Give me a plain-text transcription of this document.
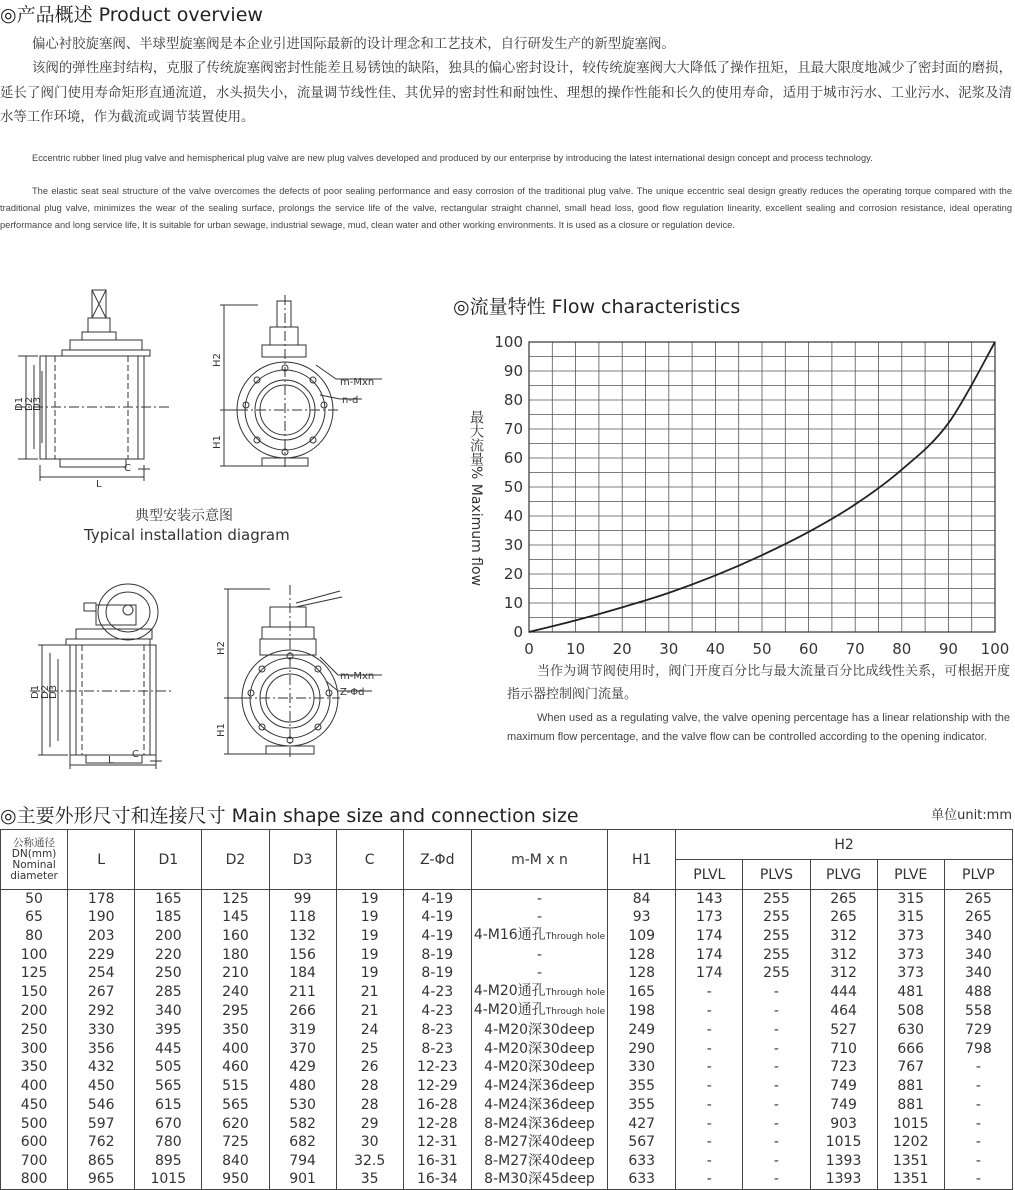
◎产品概述 Product overview

偏心衬胶旋塞阀、半球型旋塞阀是本企业引进国际最新的设计理念和工艺技术，自行研发生产的新型旋塞阀。

该阀的弹性座封结构，克服了传统旋塞阀密封性能差且易锈蚀的缺陷，独具的偏心密封设计，较传统旋塞阀大大降低了操作扭矩，且最大限度地减少了密封面的磨损，延长了阀门使用寿命矩形直通流道，水头损失小，流量调节线性佳、其优异的密封性和耐蚀性、理想的操作性能和长久的使用寿命，适用于城市污水、工业污水、泥浆及清水等工作环境，作为截流或调节装置使用。

Eccentric rubber lined plug valve and hemispherical plug valve are new plug valves developed and produced by our enterprise by introducing the latest international design concept and process technology.

The elastic seat seal structure of the valve overcomes the defects of poor sealing performance and easy corrosion of the traditional plug valve. The unique eccentric seal design greatly reduces the operating torque compared with the traditional plug valve, minimizes the wear of the sealing surface, prolongs the service life of the valve, rectangular straight channel, small head loss, good flow regulation linearity, excellent sealing and corrosion resistance, ideal operating performance and long service life, It is suitable for urban sewage, industrial sewage, mud, clean water and other working environments. It is used as a closure or regulation device.

D1 D2
D3
L
C
H2
H1
m-Mxn
n-d
D1 D2
D3
L
C
H2
H1
m-Mxn
Z-Φd
典型安装示意图
Typical installation diagram
◎流量特性 Flow characteristics
0
10
20
30
40
50
60
70
80
90
100
0 10 20 30 40 50 60 70 80 90 100
最大流量% Maximum flow

当作为调节阀使用时，阀门开度百分比与最大流量百分比成线性关系，可根据开度指示器控制阀门流量。

When used as a regulating valve, the valve opening percentage has a linear relationship with the maximum flow percentage, and the valve flow can be controlled according to the opening indicator.

◎主要外形尺寸和连接尺寸 Main shape size and connection size	单位unit:mm
公称通径
DN(mm)
Nominal
diameter	L	D1	D2	D3	C	Z-Φd	m-M x n	H1	H2				
									PLVL	PLVS	PLVG	PLVE	PLVP
50	178	165	125	99	19	4-19	-	84	143	255	265	315	265
65	190	185	145	118	19	4-19	-	93	173	255	265	315	265
80	203	200	160	132	19	4-19	4-M16通孔Through hole	109	174	255	312	373	340
100	229	220	180	156	19	8-19	-	128	174	255	312	373	340
125	254	250	210	184	19	8-19	-	128	174	255	312	373	340
150	267	285	240	211	21	4-23	4-M20通孔Through hole	165	-	-	444	481	488
200	292	340	295	266	21	4-23	4-M20通孔Through hole	198	-	-	464	508	558
250	330	395	350	319	24	8-23	4-M20深30deep	249	-	-	527	630	729
300	356	445	400	370	25	8-23	4-M20深30deep	290	-	-	710	666	798
350	432	505	460	429	26	12-23	4-M20深30deep	330	-	-	723	767	-
400	450	565	515	480	28	12-29	4-M24深36deep	355	-	-	749	881	-
450	546	615	565	530	28	16-28	4-M24深36deep	355	-	-	749	881	-
500	597	670	620	582	29	12-28	8-M24深36deep	427	-	-	903	1015	-
600	762	780	725	682	30	12-31	8-M27深40deep	567	-	-	1015	1202	-
700	865	895	840	794	32.5	16-31	8-M27深40deep	633	-	-	1393	1351	-
800	965	1015	950	901	35	16-34	8-M30深45deep	633	-	-	1393	1351	-
